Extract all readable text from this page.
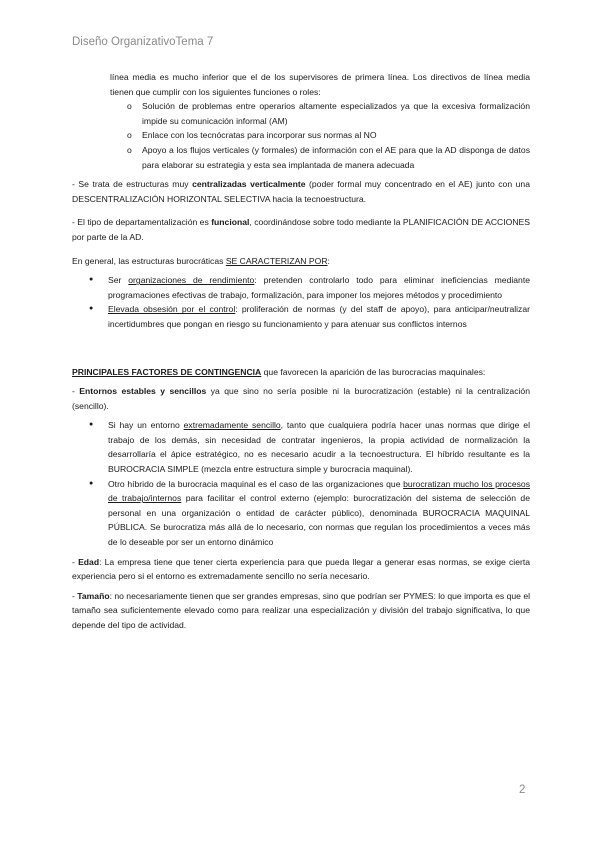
Diseño OrganizativoTema 7

línea media es mucho inferior que el de los supervisores de primera línea. Los directivos de línea media tienen que cumplir con los siguientes funciones o roles:

o Solución de problemas entre operarios altamente especializados ya que la excesiva formalización impide su comunicación informal (AM)
o Enlace con los tecnócratas para incorporar sus normas al NO
o Apoyo a los flujos verticales (y formales) de información con el AE para que la AD disponga de datos para elaborar su estrategia y esta sea implantada de manera adecuada

- Se trata de estructuras muy centralizadas verticalmente (poder formal muy concentrado en el AE) junto con una DESCENTRALIZACIÓN HORIZONTAL SELECTIVA hacia la tecnoestructura.

- El tipo de departamentalización es funcional, coordinándose sobre todo mediante la PLANIFICACIÓN DE ACCIONES por parte de la AD.

En general, las estructuras burocráticas SE CARACTERIZAN POR:

● Ser organizaciones de rendimiento: pretenden controlarlo todo para eliminar ineficiencias mediante programaciones efectivas de trabajo, formalización, para imponer los mejores métodos y procedimiento
● Elevada obsesión por el control: proliferación de normas (y del staff de apoyo), para anticipar/neutralizar incertidumbres que pongan en riesgo su funcionamiento y para atenuar sus conflictos internos

PRINCIPALES FACTORES DE CONTINGENCIA que favorecen la aparición de las burocracias maquinales:

- Entornos estables y sencillos ya que sino no sería posible ni la burocratización (estable) ni la centralización (sencillo).

● Si hay un entorno extremadamente sencillo, tanto que cualquiera podría hacer unas normas que dirige el trabajo de los demás, sin necesidad de contratar ingenieros, la propia actividad de normalización la desarrollaría el ápice estratégico, no es necesario acudir a la tecnoestructura. El híbrido resultante es la BUROCRACIA SIMPLE (mezcla entre estructura simple y burocracia maquinal).
● Otro híbrido de la burocracia maquinal es el caso de las organizaciones que burocratizan mucho los procesos de trabajo/internos para facilitar el control externo (ejemplo: burocratización del sistema de selección de personal en una organización o entidad de carácter público), denominada BUROCRACIA MAQUINAL PÚBLICA. Se burocratiza más allá de lo necesario, con normas que regulan los procedimientos a veces más de lo deseable por ser un entorno dinámico

- Edad: La empresa tiene que tener cierta experiencia para que pueda llegar a generar esas normas, se exige cierta experiencia pero si el entorno es extremadamente sencillo no sería necesario.

- Tamaño: no necesariamente tienen que ser grandes empresas, sino que podrían ser PYMES: lo que importa es que el tamaño sea suficientemente elevado como para realizar una especialización y división del trabajo significativa, lo que depende del tipo de actividad.

2
